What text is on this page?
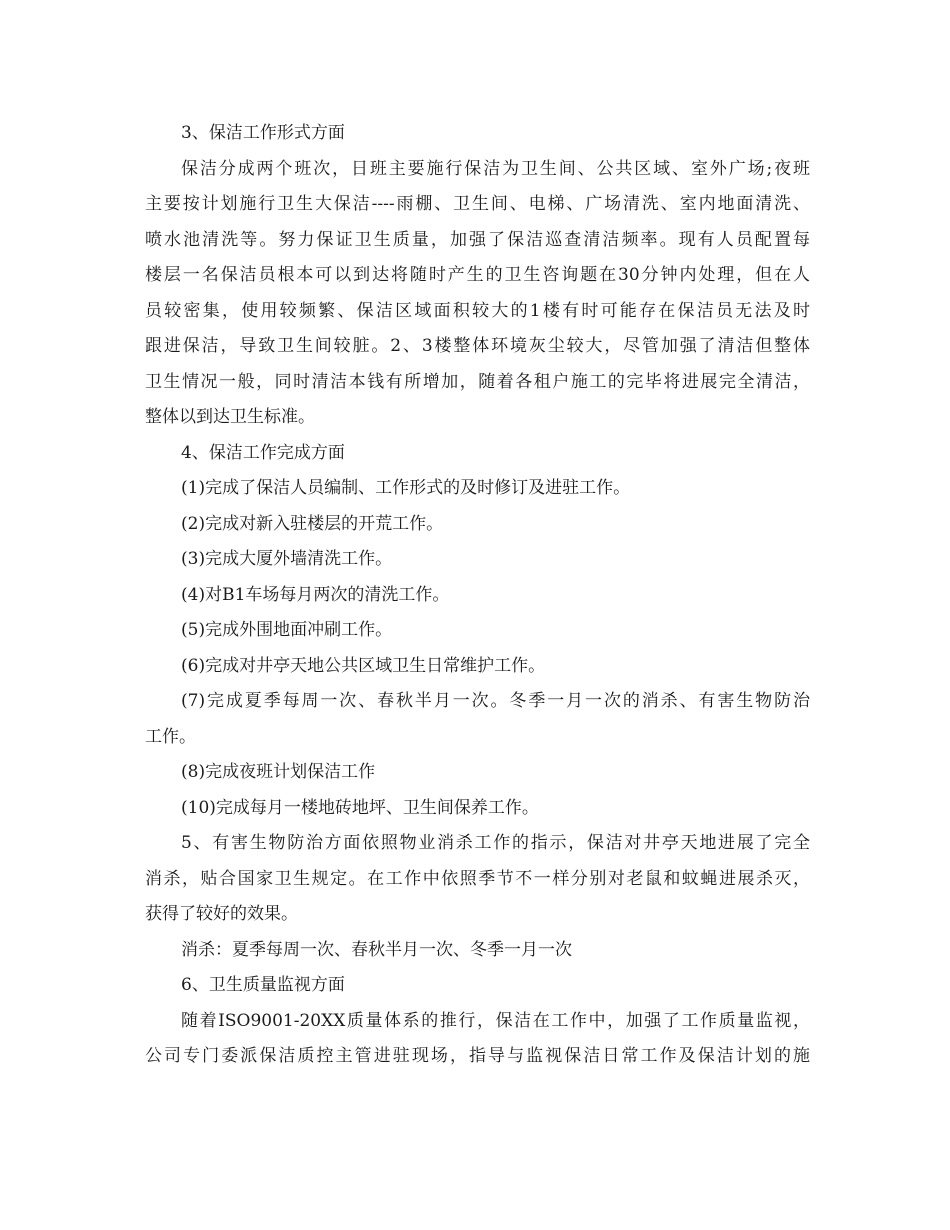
3、保洁工作形式方面
保洁分成两个班次，日班主要施行保洁为卫生间、公共区域、室外广场;夜班
主要按计划施行卫生大保洁----雨棚、卫生间、电梯、广场清洗、室内地面清洗、
喷水池清洗等。努力保证卫生质量，加强了保洁巡查清洁频率。现有人员配置每
楼层一名保洁员根本可以到达将随时产生的卫生咨询题在30分钟内处理，但在人
员较密集，使用较频繁、保洁区域面积较大的1楼有时可能存在保洁员无法及时
跟进保洁，导致卫生间较脏。2、3楼整体环境灰尘较大，尽管加强了清洁但整体
卫生情况一般，同时清洁本钱有所增加，随着各租户施工的完毕将进展完全清洁，
整体以到达卫生标准。
4、保洁工作完成方面
(1)完成了保洁人员编制、工作形式的及时修订及进驻工作。
(2)完成对新入驻楼层的开荒工作。
(3)完成大厦外墙清洗工作。
(4)对B1车场每月两次的清洗工作。
(5)完成外围地面冲刷工作。
(6)完成对井亭天地公共区域卫生日常维护工作。
(7)完成夏季每周一次、春秋半月一次。冬季一月一次的消杀、有害生物防治
工作。
(8)完成夜班计划保洁工作
(10)完成每月一楼地砖地坪、卫生间保养工作。
5、有害生物防治方面依照物业消杀工作的指示，保洁对井亭天地进展了完全
消杀，贴合国家卫生规定。在工作中依照季节不一样分别对老鼠和蚊蝇进展杀灭，
获得了较好的效果。
消杀：夏季每周一次、春秋半月一次、冬季一月一次
6、卫生质量监视方面
随着ISO9001-20XX质量体系的推行，保洁在工作中，加强了工作质量监视，
公司专门委派保洁质控主管进驻现场，指导与监视保洁日常工作及保洁计划的施
